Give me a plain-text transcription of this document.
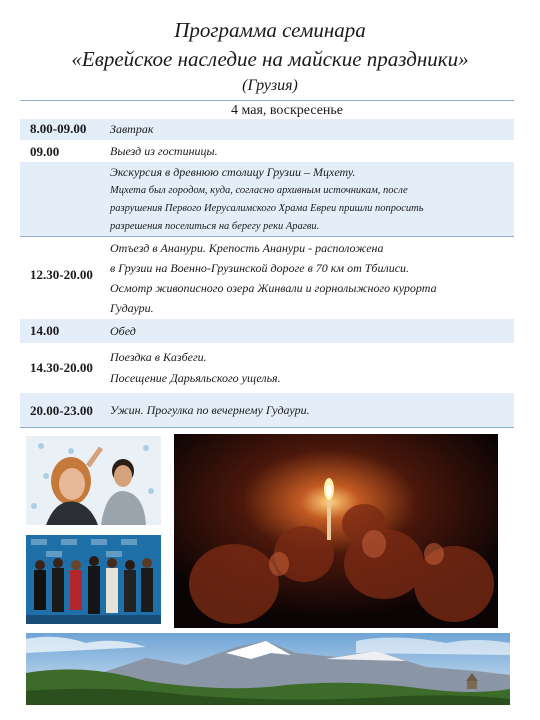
Программа семинара
«Еврейское наследие на майские праздники»
(Грузия)
4 мая, воскресенье
8.00-09.00 Завтрак
09.00	Выезд из гостиницы.
Экскурсия в древнюю столицу Грузии – Мцхету.
Мцхета был городом, куда, согласно архивным источникам, после
разрушения Первого Иерусалимского Храма Евреи пришли попросить
разрешения поселиться на берегу реки Арагви.
12.30-20.00
Отъезд в Ананури. Крепость Ананури - расположена
в Грузии на Военно-Грузинской дороге в 70 км от Тбилиси.
Осмотр живописного озера Жинвали и горнолыжного курорта
Гудаури.
14.00	Обед
14.30-20.00
Поездка в Казбеги.
Посещение Дарьяльского ущелья.
20.00-23.00 Ужин. Прогулка по вечернему Гудаури.
